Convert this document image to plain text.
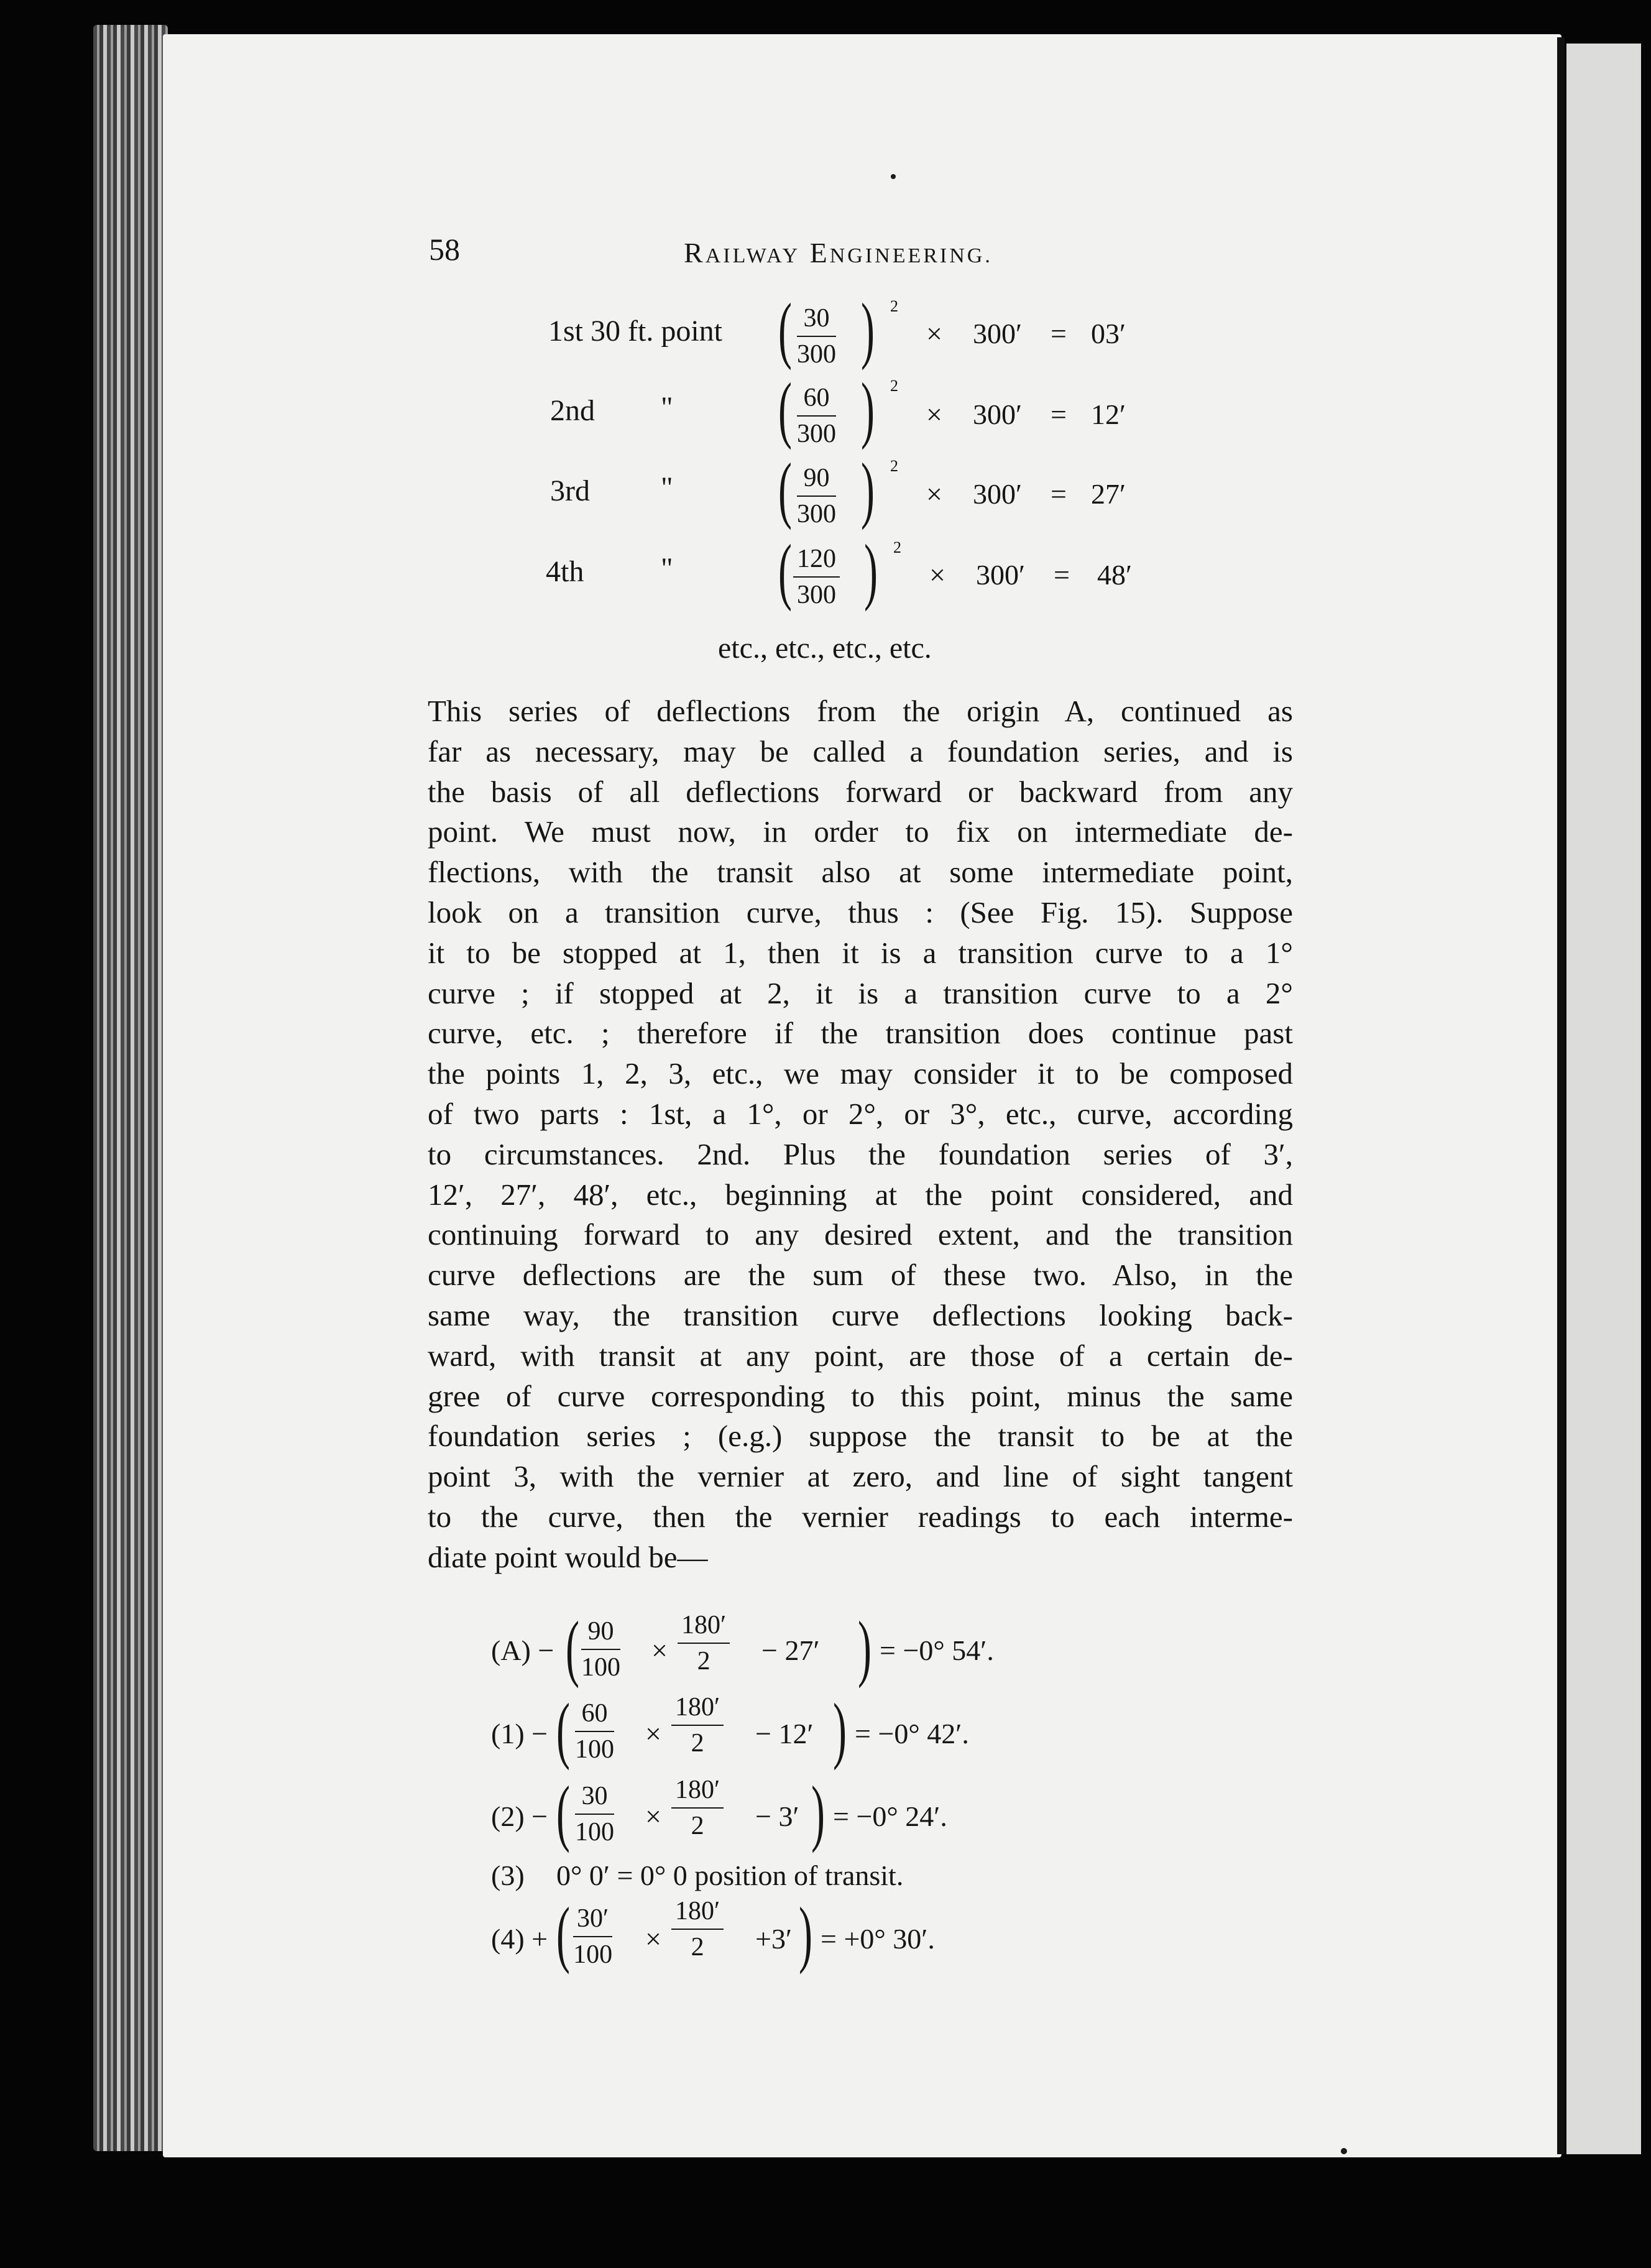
58	RAILWAY ENGINEERING.
1st 30 ft. point ( $\frac{30}{300}$ ) 2
× 300′ = 03′
2nd " ( $\frac{60}{300}$ ) 2
× 300′ = 12′
3rd " ( $\frac{90}{300}$ ) 2
× 300′ = 27′
4th	" ( $\frac{120}{300}$ ) 2
× 300′ = 48′
etc., etc., etc., etc.
This series of deflections from the origin A, continued as
far as necessary, may be called a foundation series, and is
the basis of all deflections forward or backward from any
point. We must now, in order to fix on intermediate de-
flections, with the transit also at some intermediate point,
look on a transition curve, thus : (See Fig. 15). Suppose
it to be stopped at 1, then it is a transition curve to a 1°
curve ; if stopped at 2, it is a transition curve to a 2°
curve, etc. ; therefore if the transition does continue past
the points 1, 2, 3, etc., we may consider it to be composed
of two parts : 1st, a 1°, or 2°, or 3°, etc., curve, according
to circumstances. 2nd. Plus the foundation series of 3′,
12′, 27′, 48′, etc., beginning at the point considered, and
continuing forward to any desired extent, and the transition
curve deflections are the sum of these two. Also, in the
same way, the transition curve deflections looking back-
ward, with transit at any point, are those of a certain de-
gree of curve corresponding to this point, minus the same
foundation series ; (e.g.) suppose the transit to be at the
point 3, with the vernier at zero, and line of sight tangent
to the curve, then the vernier readings to each interme-
diate point would be—
(A) − ( $\frac{90}{100} \times \frac{180'}{2} - 27'$ ) = −0° 54′.
(1) − ( $\frac{60}{100} \times \frac{180'}{2} - 12'$ ) = −0° 42′.
(2) − ( $\frac{30}{100} \times \frac{180'}{2} - 3'$ ) = −0° 24′.
(3) 0° 0′ = 0° 0 position of transit.
(4) + ( $\frac{30'}{100} \times \frac{180'}{2} +3'$ ) = +0° 30′.
